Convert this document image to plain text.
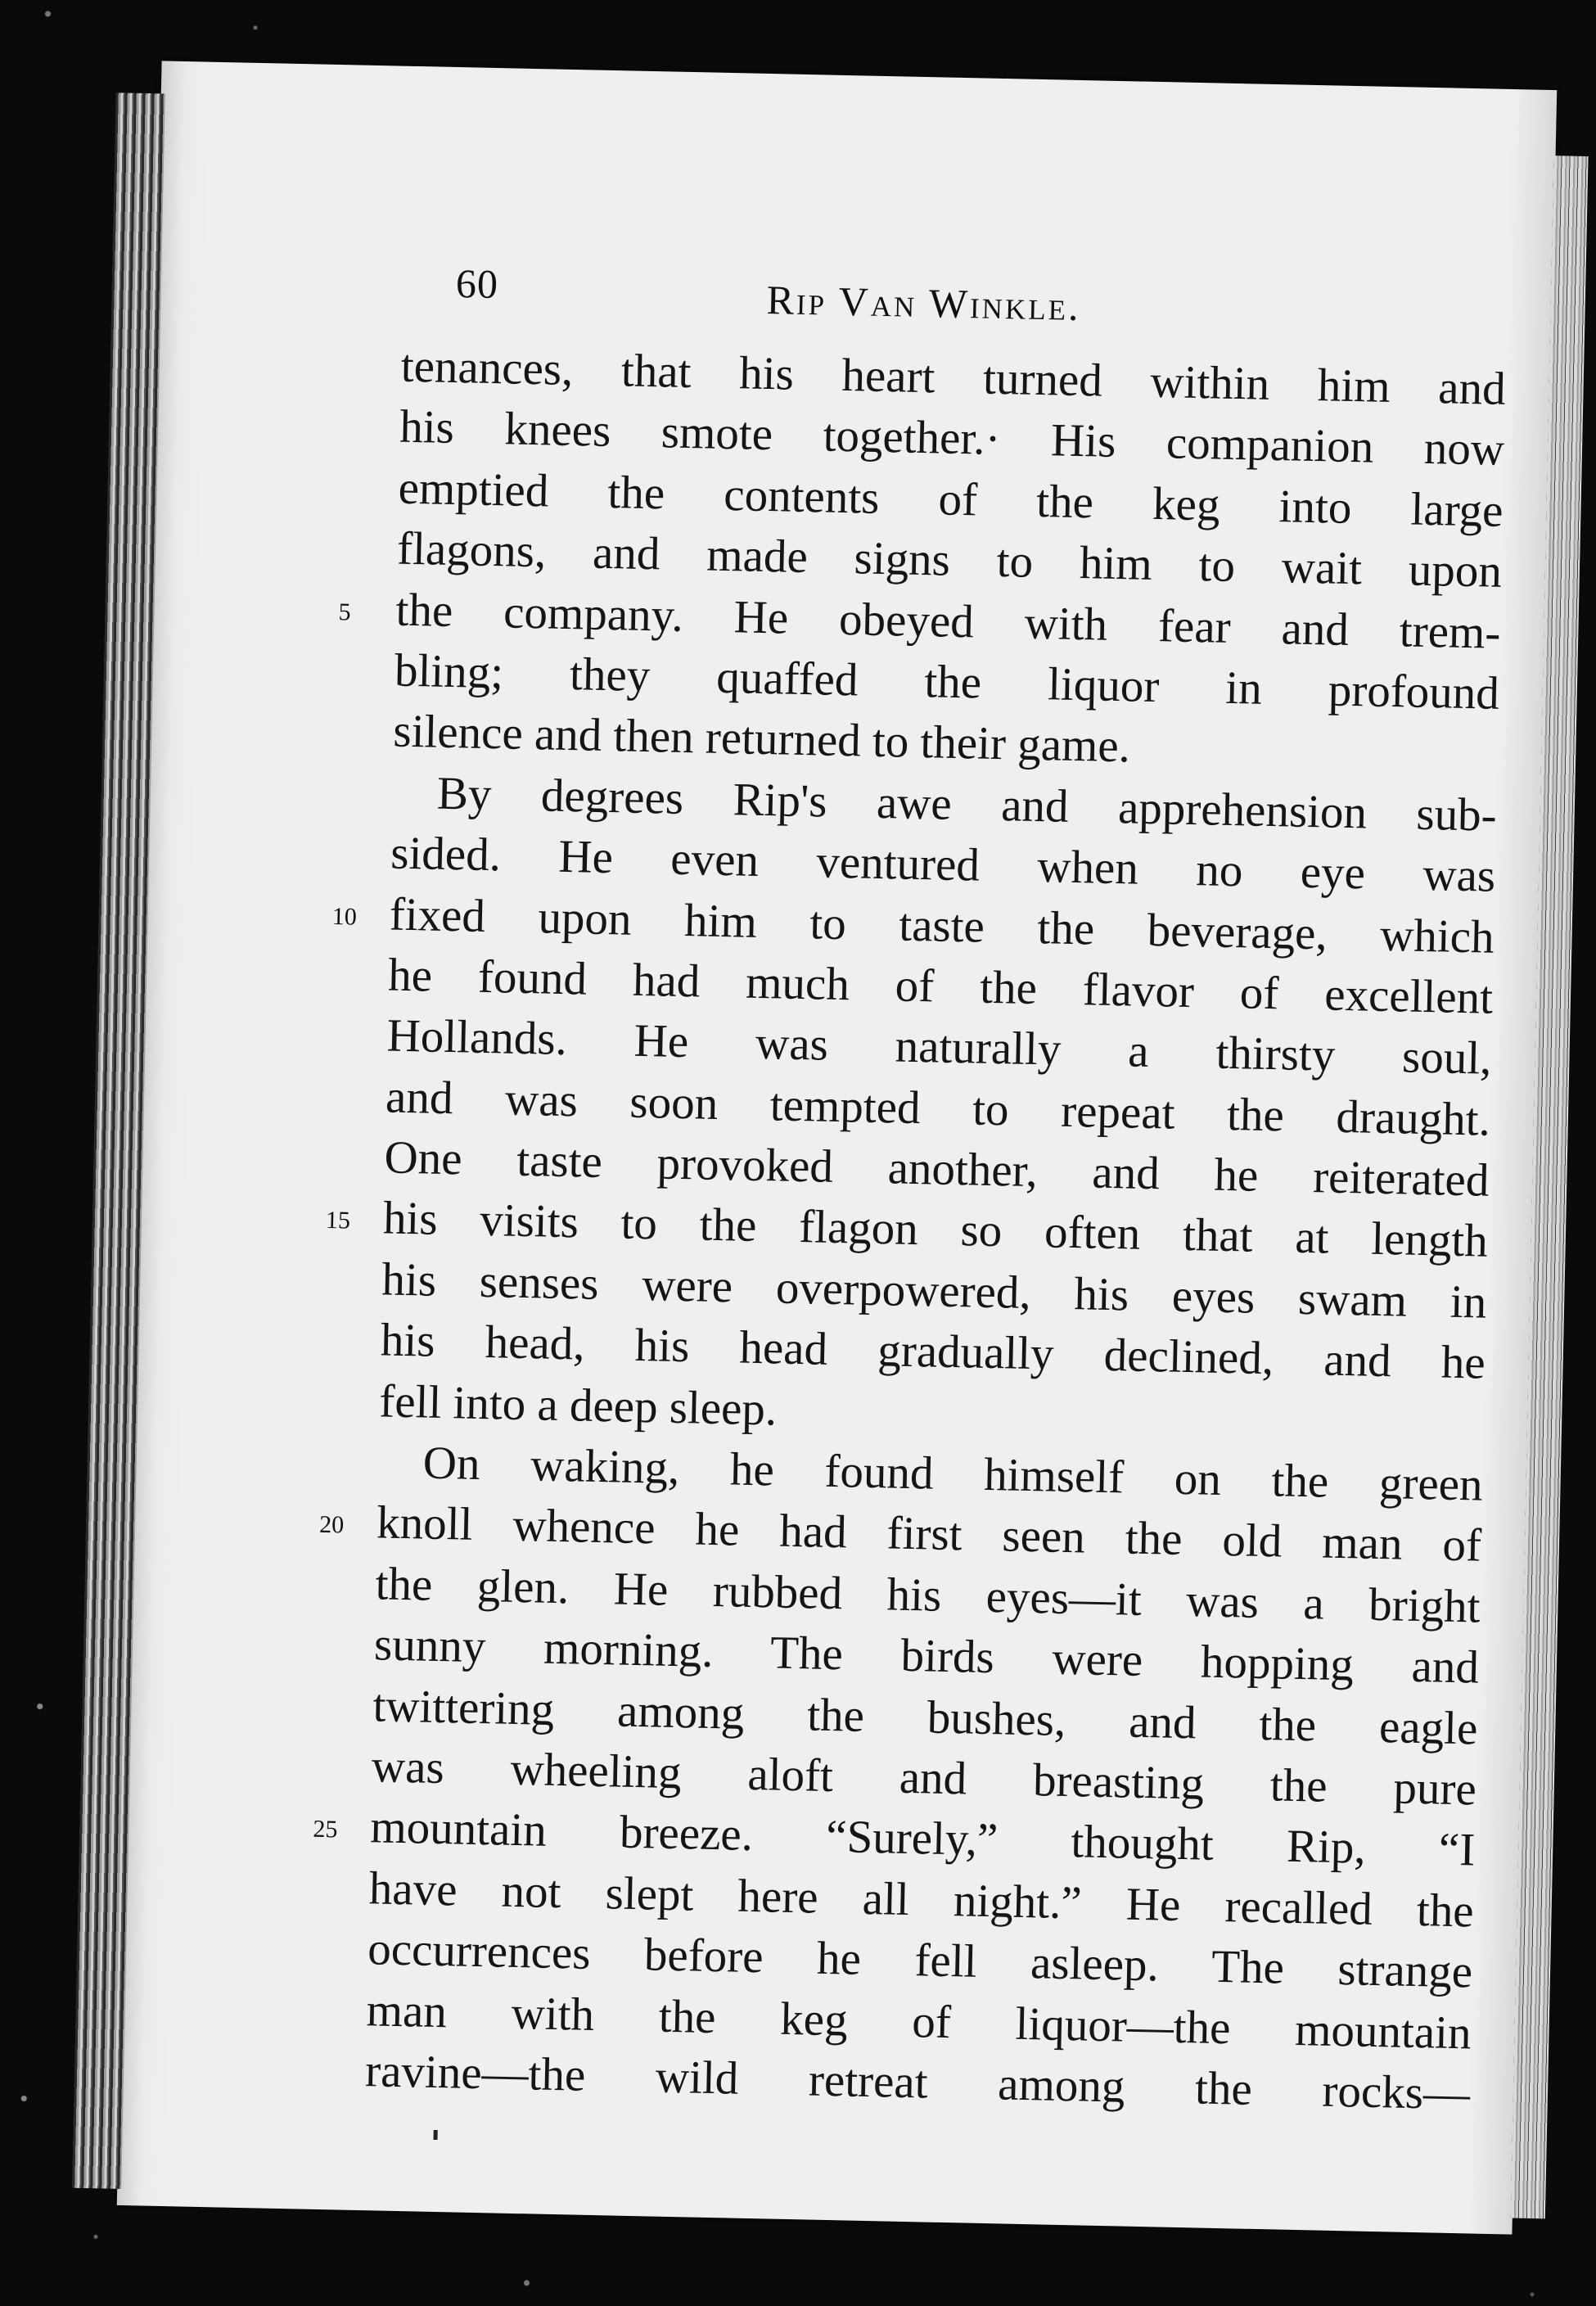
60	Rip Van Winkle.
tenances, that his heart turned within him and
his knees smote together.· His companion now
emptied the contents of the keg into large
flagons, and made signs to him to wait upon
5 the company. He obeyed with fear and trem-
bling; they quaffed the liquor in profound
silence and then returned to their game.
By degrees Rip's awe and apprehension sub-
sided. He even ventured when no eye was
10 fixed upon him to taste the beverage, which
he found had much of the flavor of excellent
Hollands. He was naturally a thirsty soul,
and was soon tempted to repeat the draught.
One taste provoked another, and he reiterated
15 his visits to the flagon so often that at length
his senses were overpowered, his eyes swam in
his head, his head gradually declined, and he
fell into a deep sleep.
On waking, he found himself on the green
20 knoll whence he had first seen the old man of
the glen. He rubbed his eyes—it was a bright
sunny morning. The birds were hopping and
twittering among the bushes, and the eagle
was wheeling aloft and breasting the pure
25 mountain breeze. “Surely,” thought Rip, “I
have not slept here all night.” He recalled the
occurrences before he fell asleep. The strange
man with the keg of liquor—the mountain
ravine—the wild retreat among the rocks—
